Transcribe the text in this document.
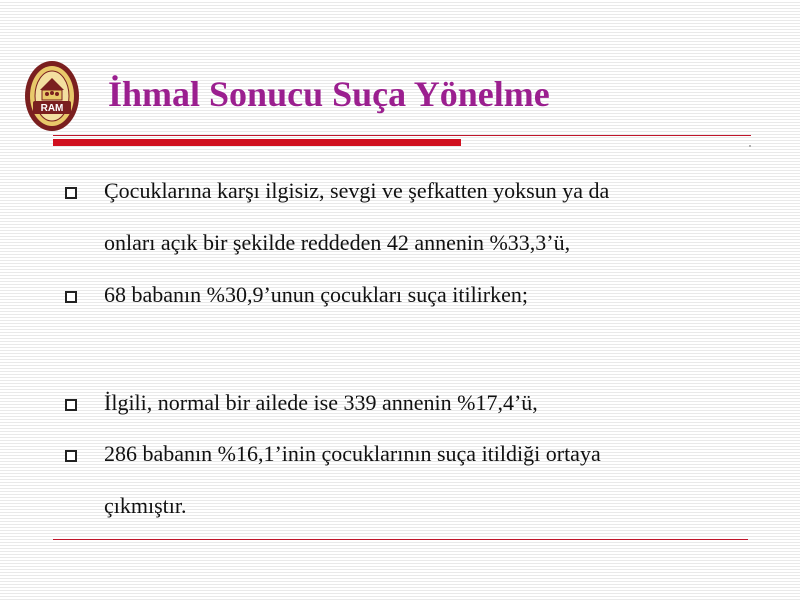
RAM İhmal Sonucu Suça Yönelme
Çocuklarına karşı ilgisiz, sevgi ve şefkatten yoksun ya da
onları açık bir şekilde reddeden 42 annenin %33,3’ü,
68 babanın %30,9’unun çocukları suça itilirken;
İlgili, normal bir ailede ise 339 annenin %17,4’ü,
286 babanın %16,1’inin çocuklarının suça itildiği ortaya
çıkmıştır.
